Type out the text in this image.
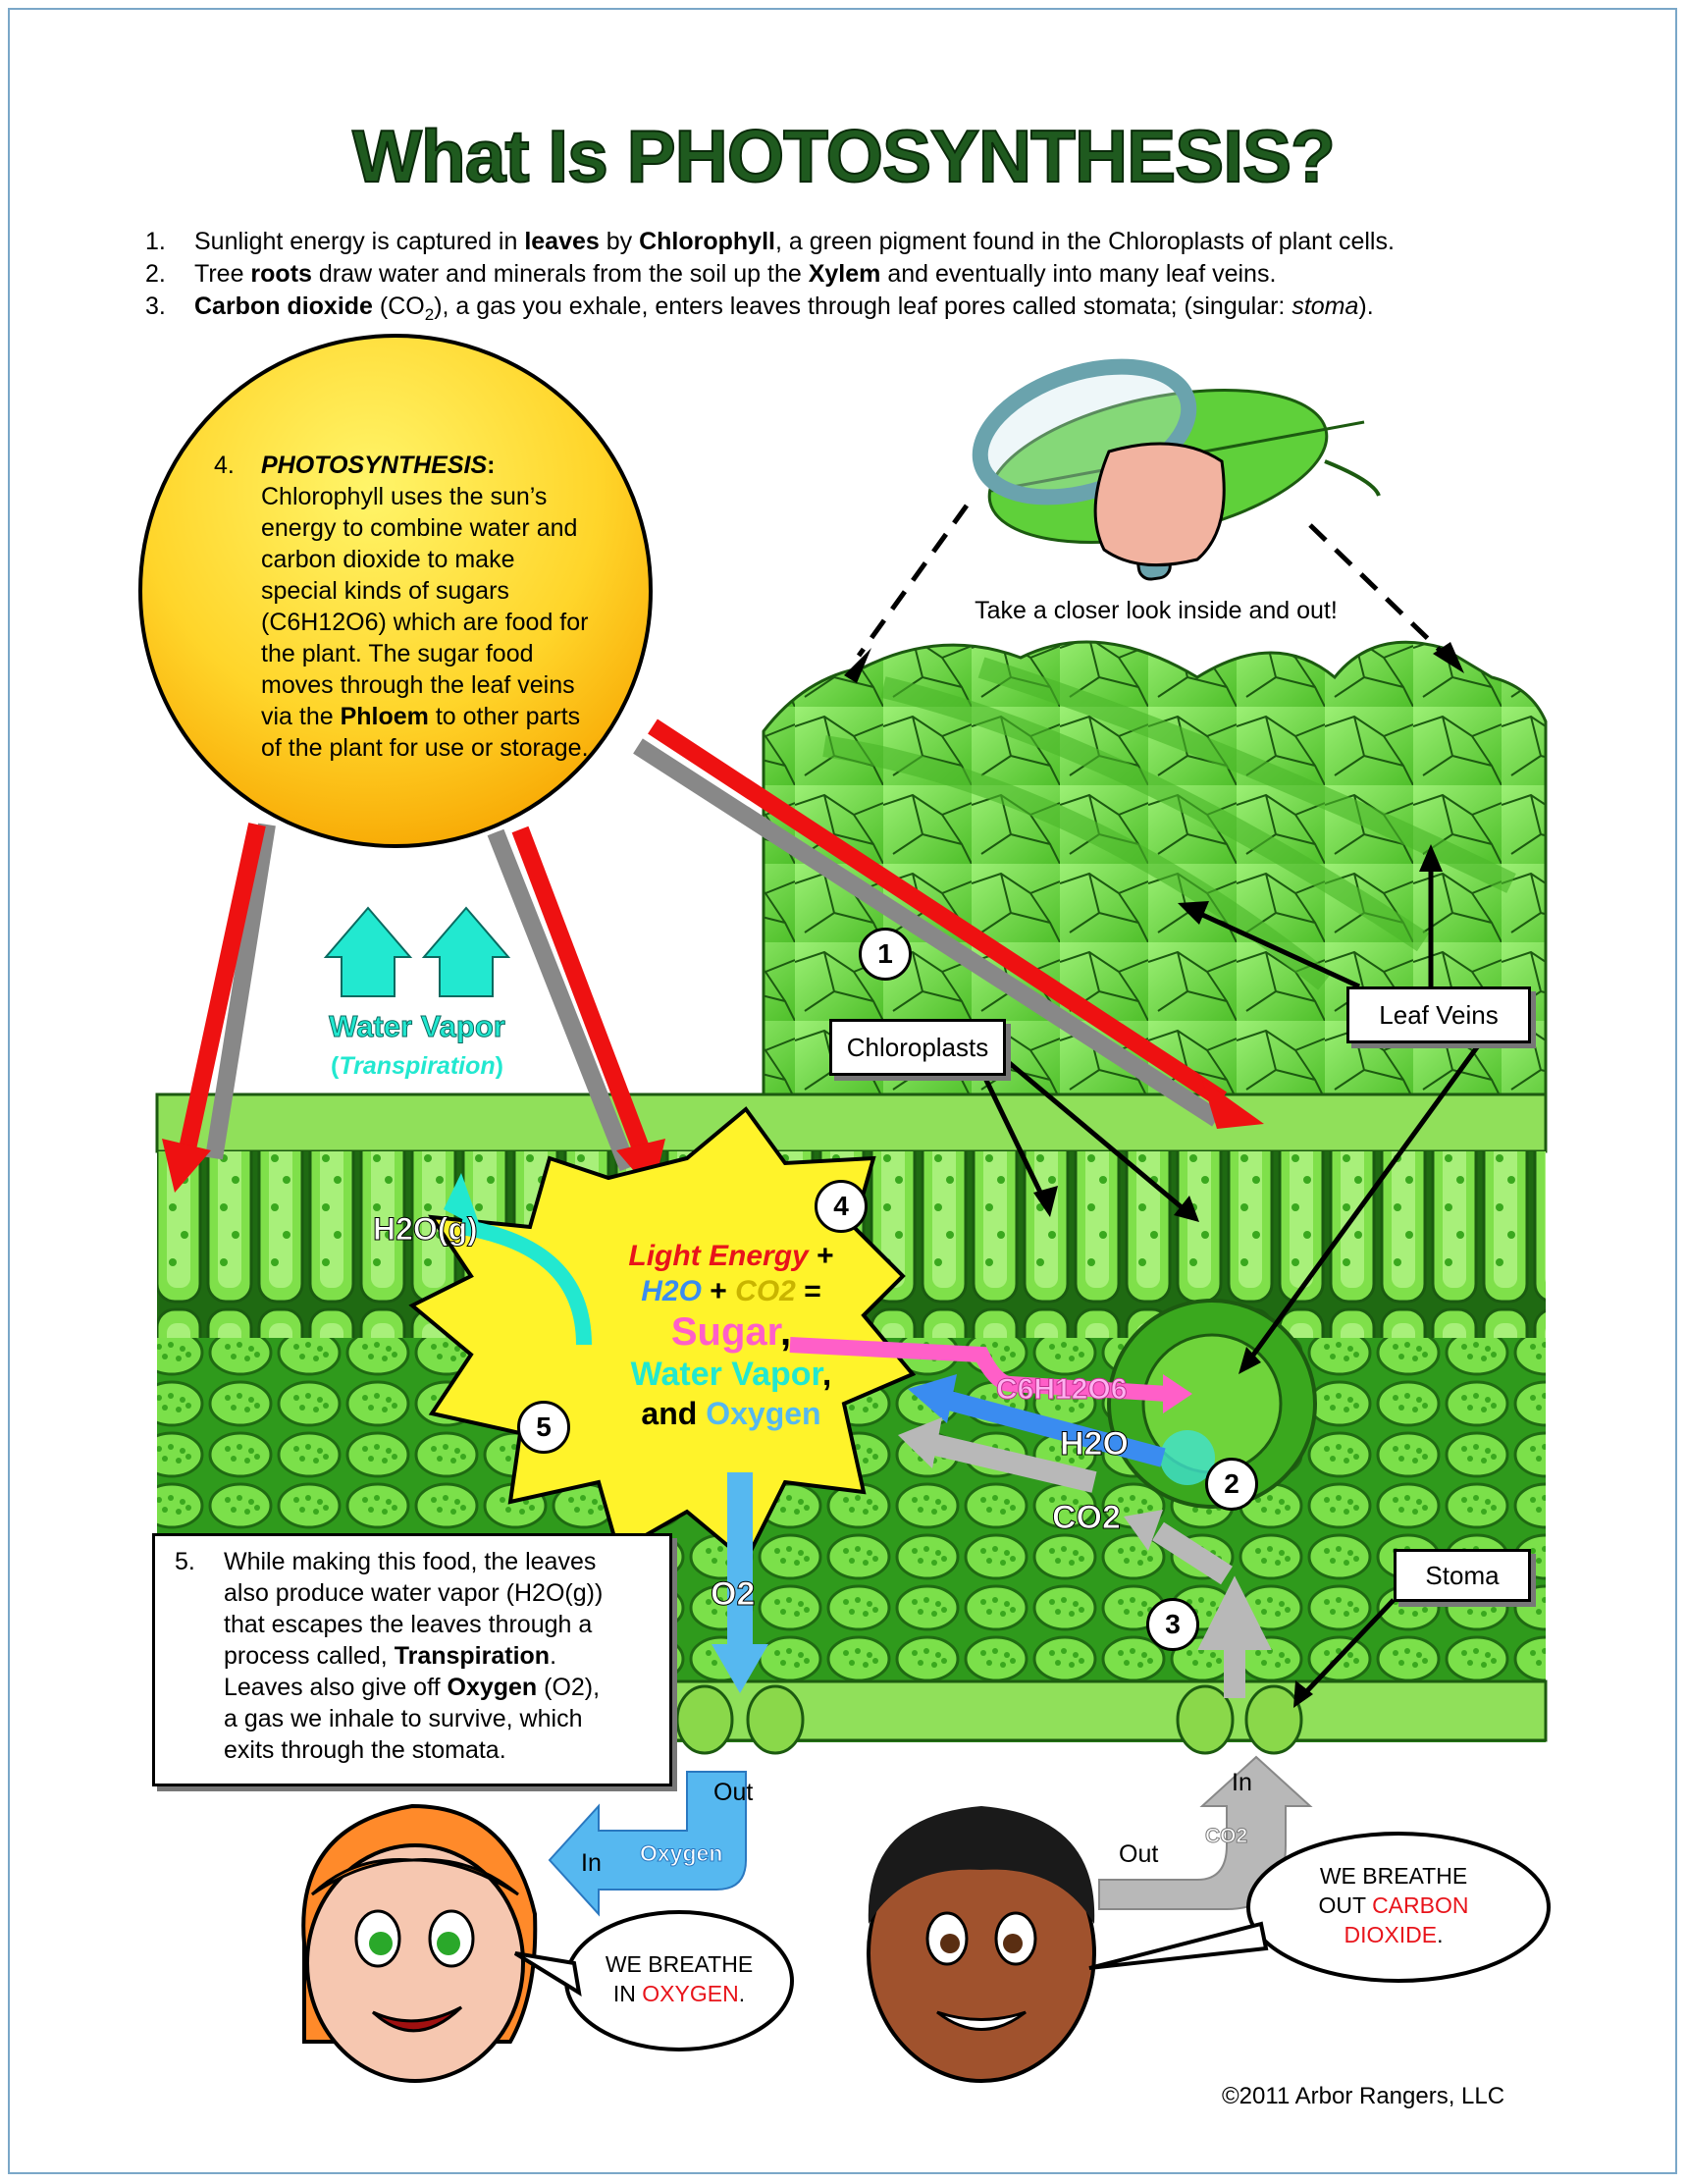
What Is PHOTOSYNTHESIS?
1.	Sunlight energy is captured in leaves by Chlorophyll, a green pigment found in the Chloroplasts of plant cells.
2.	Tree roots draw water and minerals from the soil up the Xylem and eventually into many leaf veins.
3.	Carbon dioxide $(CO_2)$, a gas you exhale, enters leaves through leaf pores called stomata; (singular: stoma).
4. PHOTOSYNTHESIS:
Chlorophyll uses the sun’s
energy to combine water and
carbon dioxide to make
special kinds of sugars
(C6H12O6) which are food for
the plant. The sugar food
moves through the leaf veins
via the Phloem to other parts
of the plant for use or storage.
Take a closer look inside and out!
Leaf Veins
Chloroplasts
Stoma
Water Vapor
(Transpiration)
H2O(g)
Light Energy +
H2O + CO2 =
Sugar,
Water Vapor,
and Oxygen
C6H12O6
H2O
CO2
O2
1
2
3
4
5
5.	While making this food, the leaves
also produce water vapor (H2O(g))
that escapes the leaves through a
process called, Transpiration.
Leaves also give off Oxygen (O2),
a gas we inhale to survive, which
exits through the stomata.
Out
In Oxygen
In
Out
CO2
WE BREATHE
IN OXYGEN.
WE BREATHE
OUT CARBON
DIOXIDE.
©2011 Arbor Rangers, LLC
